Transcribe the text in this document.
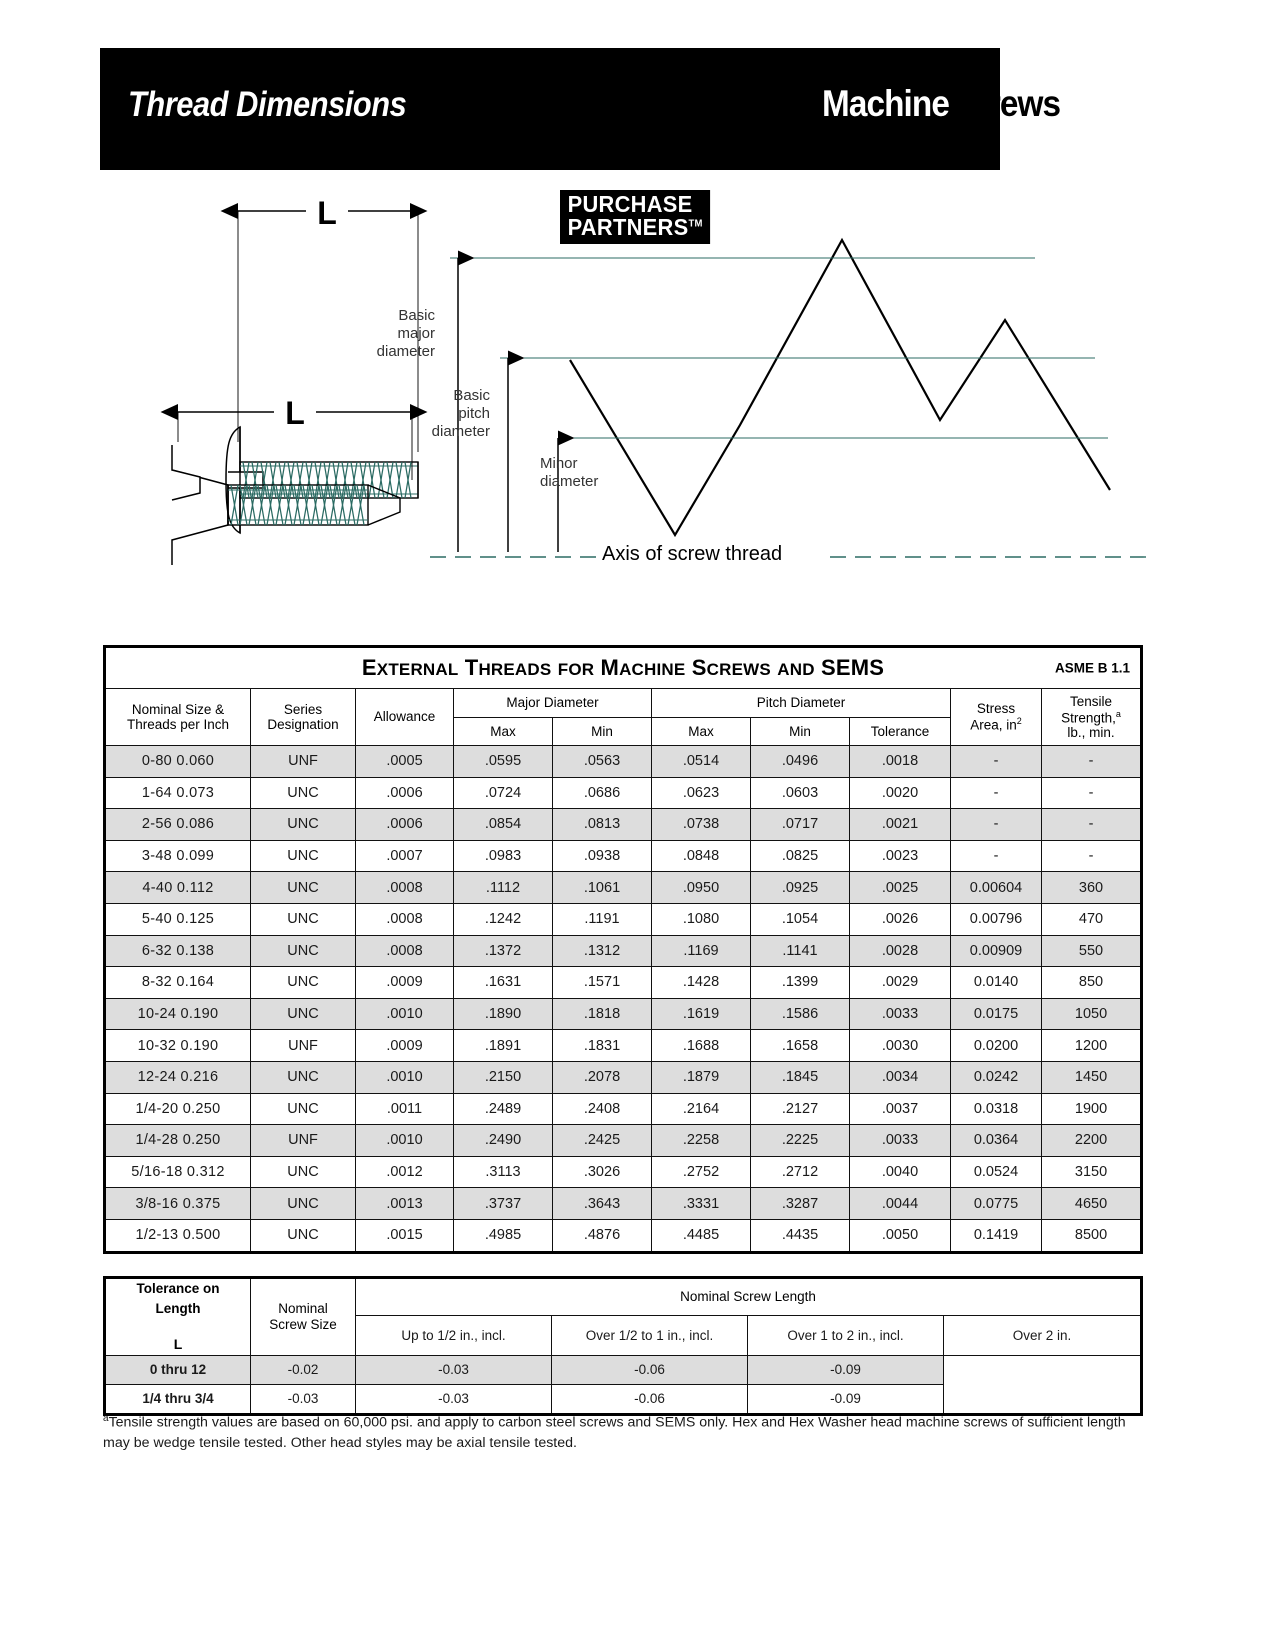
Thread Dimensions	MachineScrews
L
L
Basic
major
diameter
Basic
pitch
diameter
Minor
diameter
Axis of screw thread
PURCHASE
PARTNERS™
EXTERNAL THREADS FOR MACHINE SCREWS AND SEMS ASME B 1.1									

Nominal Size &
Threads per Inch	Series
Designation	Allowance	Major Diameter		Pitch Diameter			Stress
Area, $in^2$	Tensile
Strength,$^a$
lb., min.
			Max	Min	Max	Min	Tolerance		
0-80 0.060	UNF	.0005	.0595	.0563	.0514	.0496	.0018	-	-
1-64 0.073	UNC	.0006	.0724	.0686	.0623	.0603	.0020	-	-
2-56 0.086	UNC	.0006	.0854	.0813	.0738	.0717	.0021	-	-
3-48 0.099	UNC	.0007	.0983	.0938	.0848	.0825	.0023	-	-
4-40 0.112	UNC	.0008	.1112	.1061	.0950	.0925	.0025	0.00604	360
5-40 0.125	UNC	.0008	.1242	.1191	.1080	.1054	.0026	0.00796	470
6-32 0.138	UNC	.0008	.1372	.1312	.1169	.1141	.0028	0.00909	550
8-32 0.164	UNC	.0009	.1631	.1571	.1428	.1399	.0029	0.0140	850
10-24 0.190	UNC	.0010	.1890	.1818	.1619	.1586	.0033	0.0175	1050
10-32 0.190	UNF	.0009	.1891	.1831	.1688	.1658	.0030	0.0200	1200
12-24 0.216	UNC	.0010	.2150	.2078	.1879	.1845	.0034	0.0242	1450
1/4-20 0.250	UNC	.0011	.2489	.2408	.2164	.2127	.0037	0.0318	1900
1/4-28 0.250	UNF	.0010	.2490	.2425	.2258	.2225	.0033	0.0364	2200
5/16-18 0.312	UNC	.0012	.3113	.3026	.2752	.2712	.0040	0.0524	3150
3/8-16 0.375	UNC	.0013	.3737	.3643	.3331	.3287	.0044	0.0775	4650
1/2-13 0.500	UNC	.0015	.4985	.4876	.4485	.4435	.0050	0.1419	8500
Tolerance on
Length
L	Nominal
Screw Size	Nominal Screw Length			
		Up to 1/2 in., incl.	Over 1/2 to 1 in., incl.	Over 1 to 2 in., incl.	Over 2 in.
0 thru 12	-0.02	-0.03	-0.06	-0.09	
1/4 thru 3/4	-0.03	-0.03	-0.06	-0.09	
$^a$Tensile strength values are based on 60,000 psi. and apply to carbon steel screws and SEMS only. Hex and Hex Washer head machine screws of sufficient length may be wedge tensile tested. Other head styles may be axial tensile tested.
